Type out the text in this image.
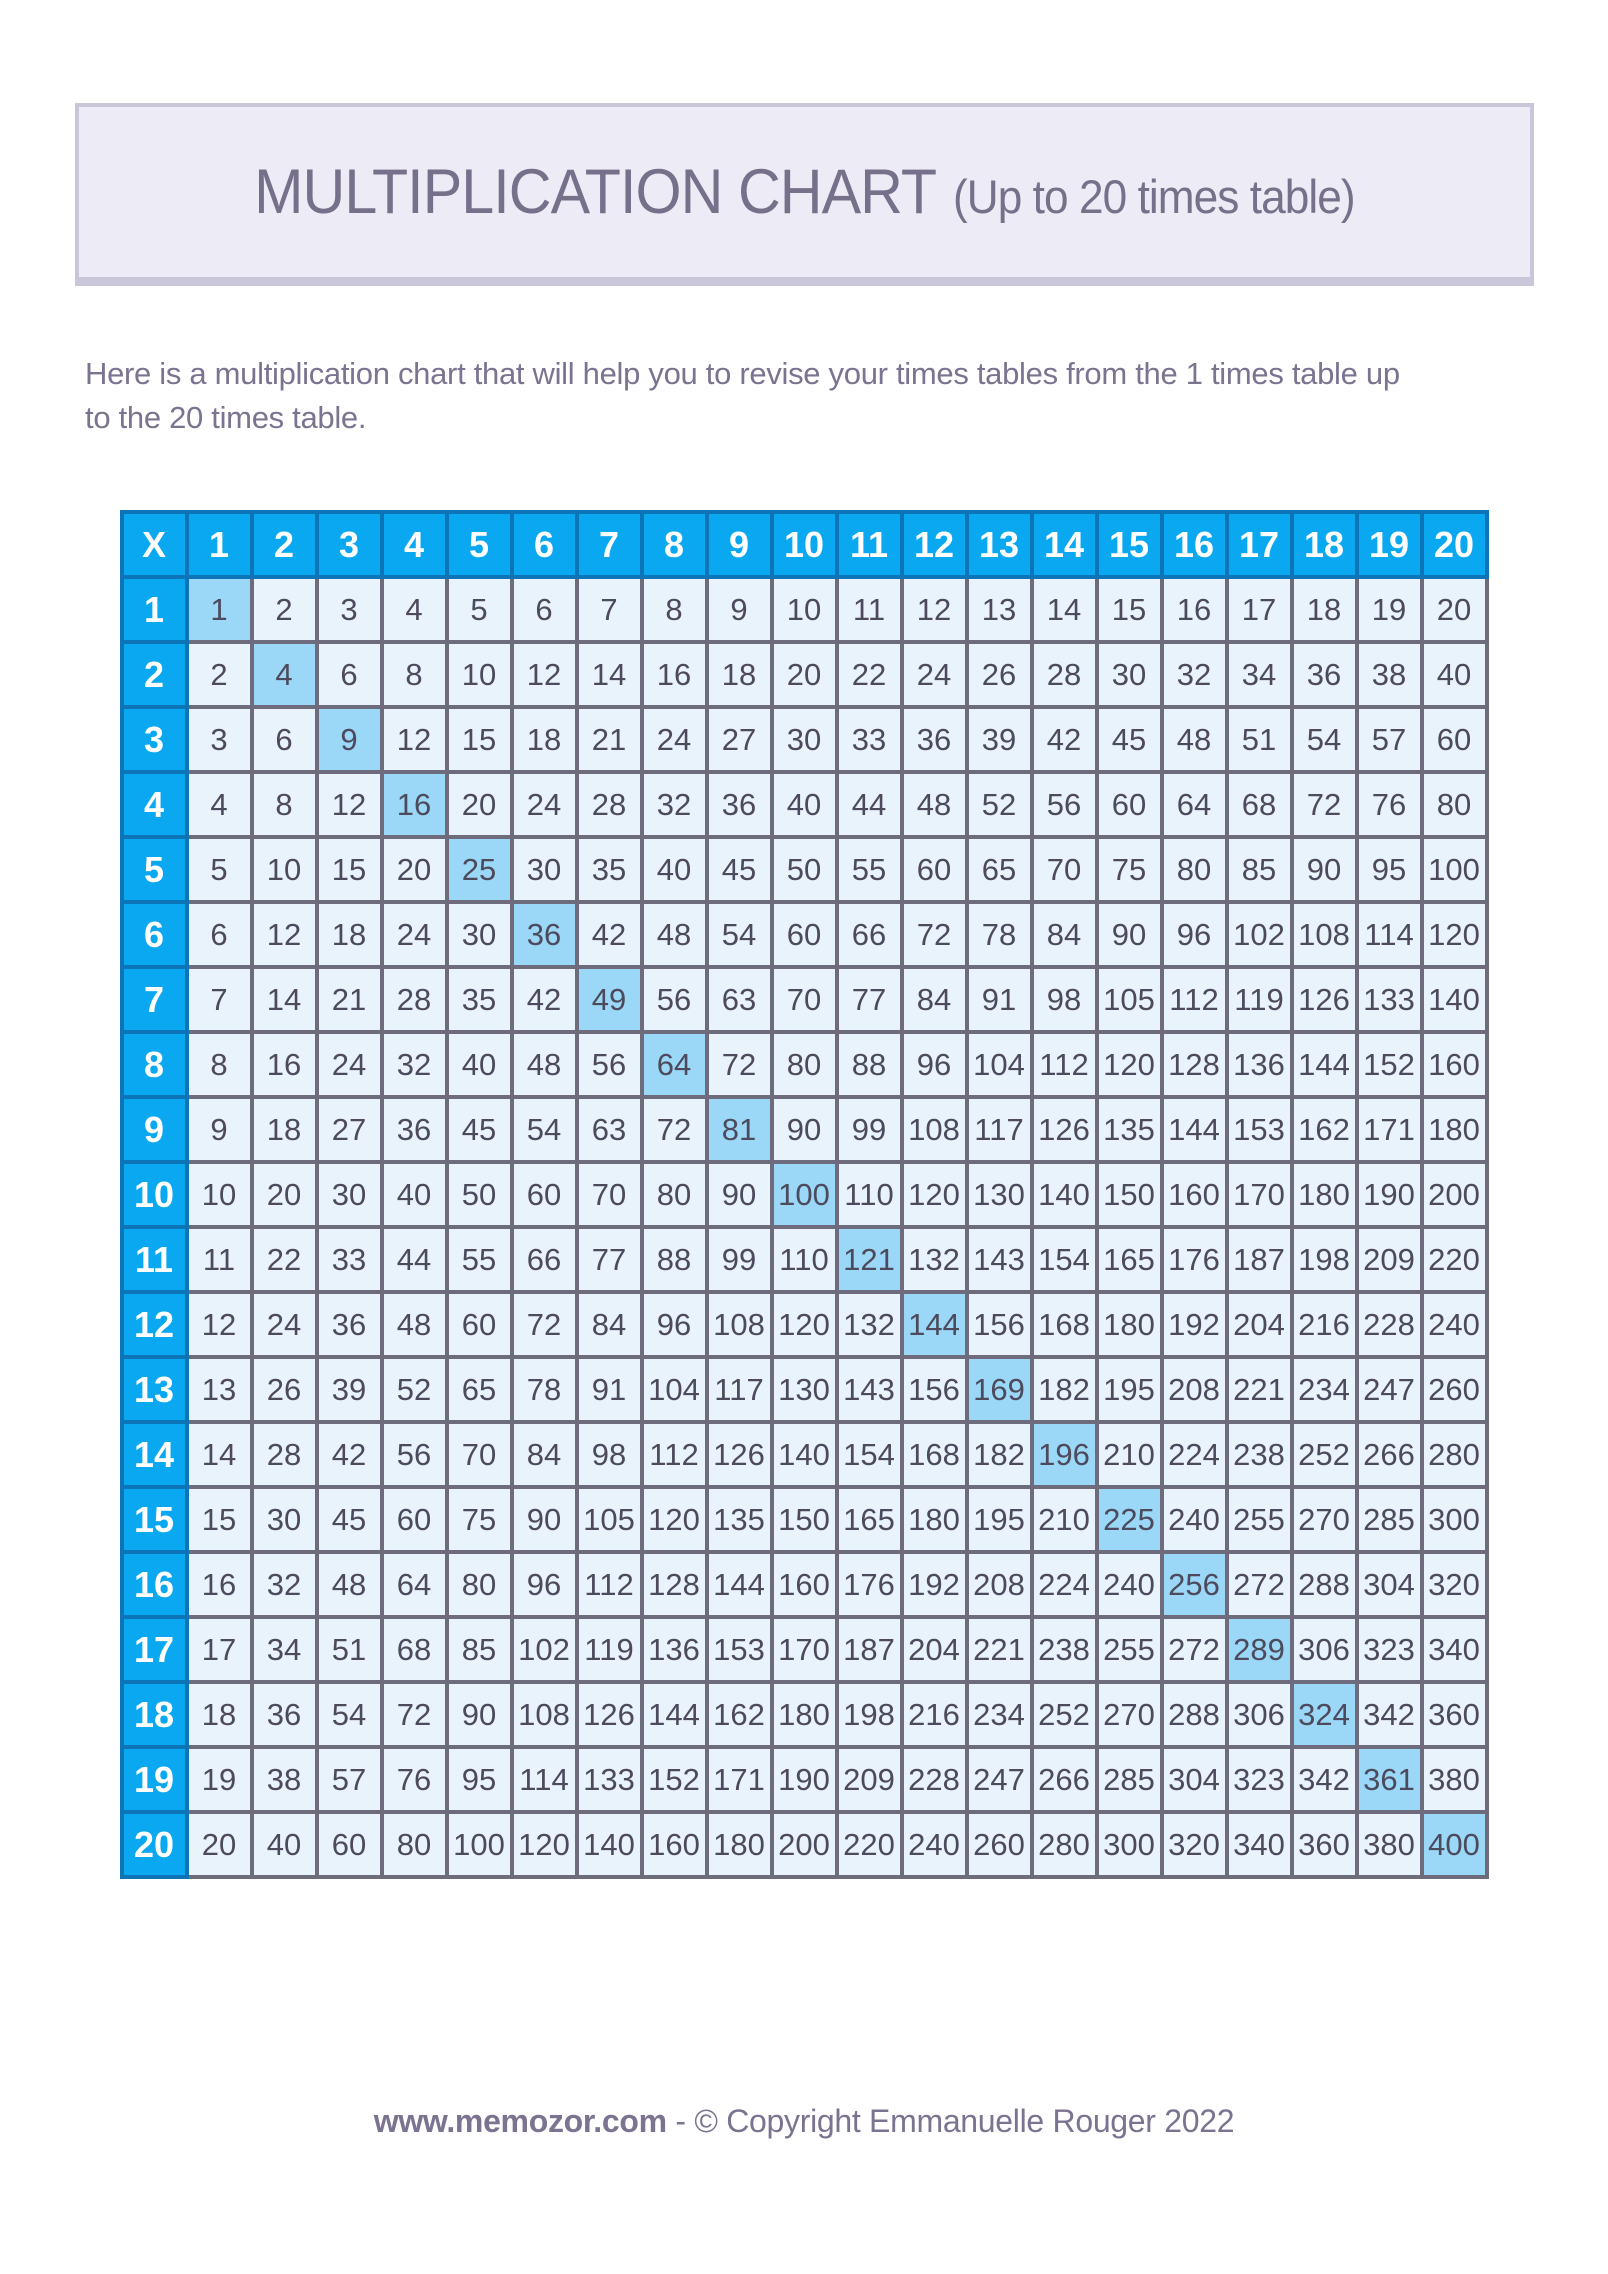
MULTIPLICATION CHART (Up to 20 times table)

Here is a multiplication chart that will help you to revise your times tables from the 1 times table up to the 20 times table.

X	1	2	3	4	5	6	7	8	9	10	11	12	13	14	15	16	17	18	19	20
1	1	2	3	4	5	6	7	8	9	10	11	12	13	14	15	16	17	18	19	20
2	2	4	6	8	10	12	14	16	18	20	22	24	26	28	30	32	34	36	38	40
3	3	6	9	12	15	18	21	24	27	30	33	36	39	42	45	48	51	54	57	60
4	4	8	12	16	20	24	28	32	36	40	44	48	52	56	60	64	68	72	76	80
5	5	10	15	20	25	30	35	40	45	50	55	60	65	70	75	80	85	90	95	100
6	6	12	18	24	30	36	42	48	54	60	66	72	78	84	90	96	102	108	114	120
7	7	14	21	28	35	42	49	56	63	70	77	84	91	98	105	112	119	126	133	140
8	8	16	24	32	40	48	56	64	72	80	88	96	104	112	120	128	136	144	152	160
9	9	18	27	36	45	54	63	72	81	90	99	108	117	126	135	144	153	162	171	180
10	10	20	30	40	50	60	70	80	90	100	110	120	130	140	150	160	170	180	190	200
11	11	22	33	44	55	66	77	88	99	110	121	132	143	154	165	176	187	198	209	220
12	12	24	36	48	60	72	84	96	108	120	132	144	156	168	180	192	204	216	228	240
13	13	26	39	52	65	78	91	104	117	130	143	156	169	182	195	208	221	234	247	260
14	14	28	42	56	70	84	98	112	126	140	154	168	182	196	210	224	238	252	266	280
15	15	30	45	60	75	90	105	120	135	150	165	180	195	210	225	240	255	270	285	300
16	16	32	48	64	80	96	112	128	144	160	176	192	208	224	240	256	272	288	304	320
17	17	34	51	68	85	102	119	136	153	170	187	204	221	238	255	272	289	306	323	340
18	18	36	54	72	90	108	126	144	162	180	198	216	234	252	270	288	306	324	342	360
19	19	38	57	76	95	114	133	152	171	190	209	228	247	266	285	304	323	342	361	380
20	20	40	60	80	100	120	140	160	180	200	220	240	260	280	300	320	340	360	380	400
www.memozor.com - © Copyright Emmanuelle Rouger 2022
